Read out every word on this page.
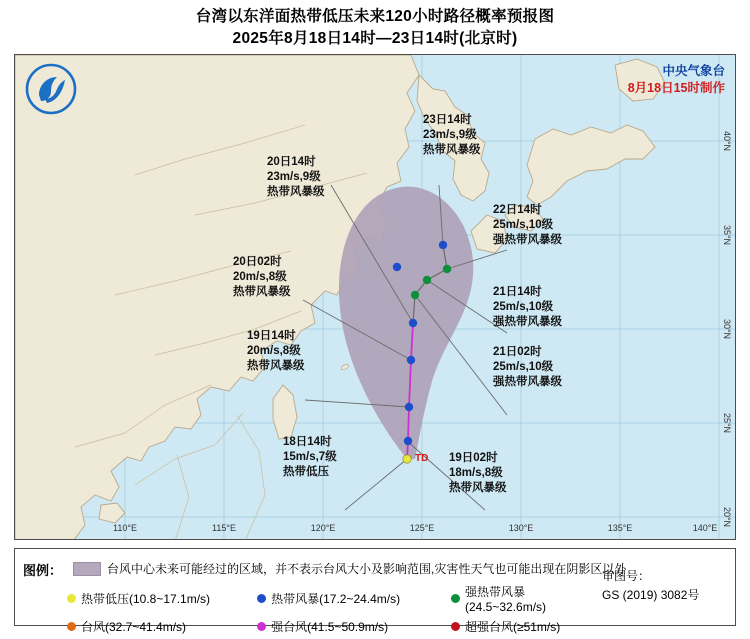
台湾以东洋面热带低压未来120小时路径概率预报图
2025年8月18日14时—23日14时(北京时)
TD
中央气象台
8月18日15时制作
20日14时
23m/s,9级
热带风暴级
23日14时
23m/s,9级
热带风暴级
22日14时
25m/s,10级
强热带风暴级
21日14时
25m/s,10级
强热带风暴级
21日02时
25m/s,10级
强热带风暴级
20日02时
20m/s,8级
热带风暴级
19日14时
20m/s,8级
热带风暴级
18日14时
15m/s,7级
热带低压
19日02时
18m/s,8级
热带风暴级
110°E	115°E	120°E	125°E	130°E	135°E	140°E
20°N
25°N
30°N
35°N
40°N
图例：	台风中心未来可能经过的区域，并不表示台风大小及影响范围,灾害性天气也可能出现在阴影区以外
热带低压(10.8~17.1m/s)	热带风暴(17.2~24.4m/s)	强热带风暴(24.5~32.6m/s)
台风(32.7~41.4m/s)	强台风(41.5~50.9m/s)	超强台风(≥51m/s)
审图号：
GS (2019) 3082号
